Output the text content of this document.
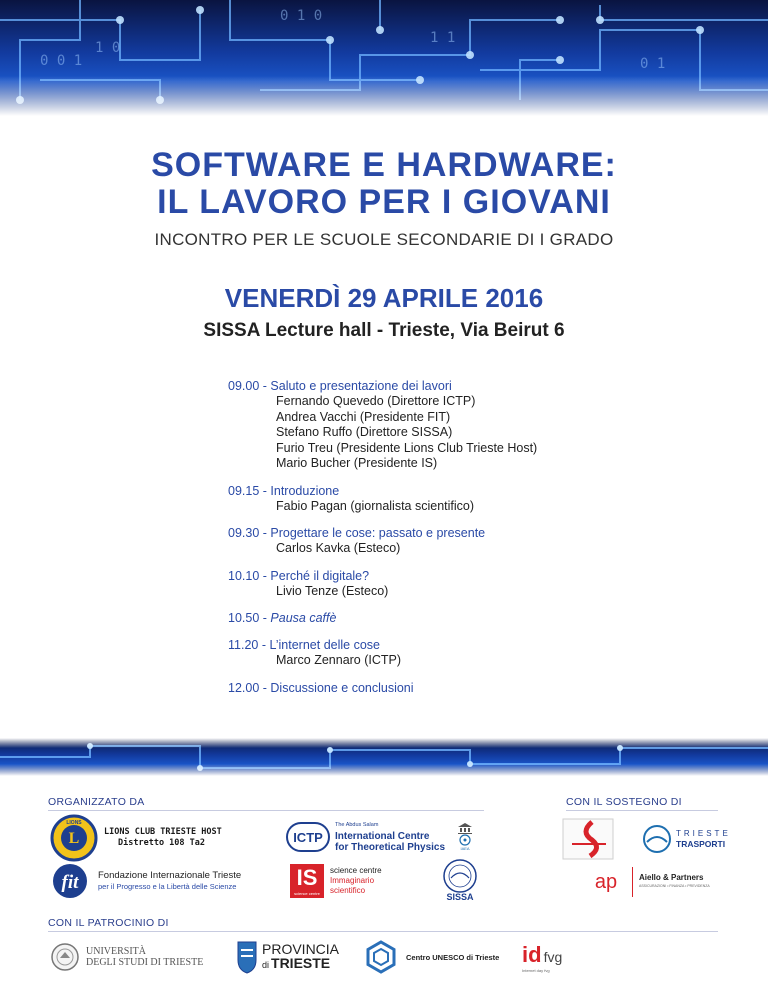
1 0
0 1 0
1 1
0 1
0 0 1
SOFTWARE E HARDWARE:
IL LAVORO PER I GIOVANI
INCONTRO PER LE SCUOLE SECONDARIE DI I GRADO
VENERDÌ 29 APRILE 2016
SISSA Lecture hall - Trieste, Via Beirut 6
09.00 - Saluto e presentazione dei lavori
Fernando Quevedo (Direttore ICTP)
Andrea Vacchi (Presidente FIT)
Stefano Ruffo (Direttore SISSA)
Furio Treu (Presidente Lions Club Trieste Host)
Mario Bucher (Presidente IS)
09.15 - Introduzione
Fabio Pagan (giornalista scientifico)
09.30 - Progettare le cose: passato e presente
Carlos Kavka (Esteco)
10.10 - Perché il digitale?
Livio Tenze (Esteco)
10.50 - Pausa caffè
11.20 - L’internet delle cose
Marco Zennaro (ICTP)
12.00 - Discussione e conclusioni
ORGANIZZATO DA	CON IL SOSTEGNO DI
CON IL PATROCINIO DI
L
LIONS
LIONS CLUB TRIESTE HOST
Distretto 108 Ta2	ICTP
The Abdus Salam
International Centre
for Theoretical Physics	IAEA
fit Fondazione Internazionale Trieste
per il Progresso e la Libertà delle Scienze	IS
science centre
science centre
Immaginario
scientifico
SISSA
TRIESTE
TRASPORTI
ap	Aiello & Partners
ASSICURAZIONI • FINANZA • PREVIDENZA
UNIVERSITÀ
DEGLI STUDI DI TRIESTE
PROVINCIA
di TRIESTE	Centro UNESCO di Trieste id fvg
Internet day fvg
